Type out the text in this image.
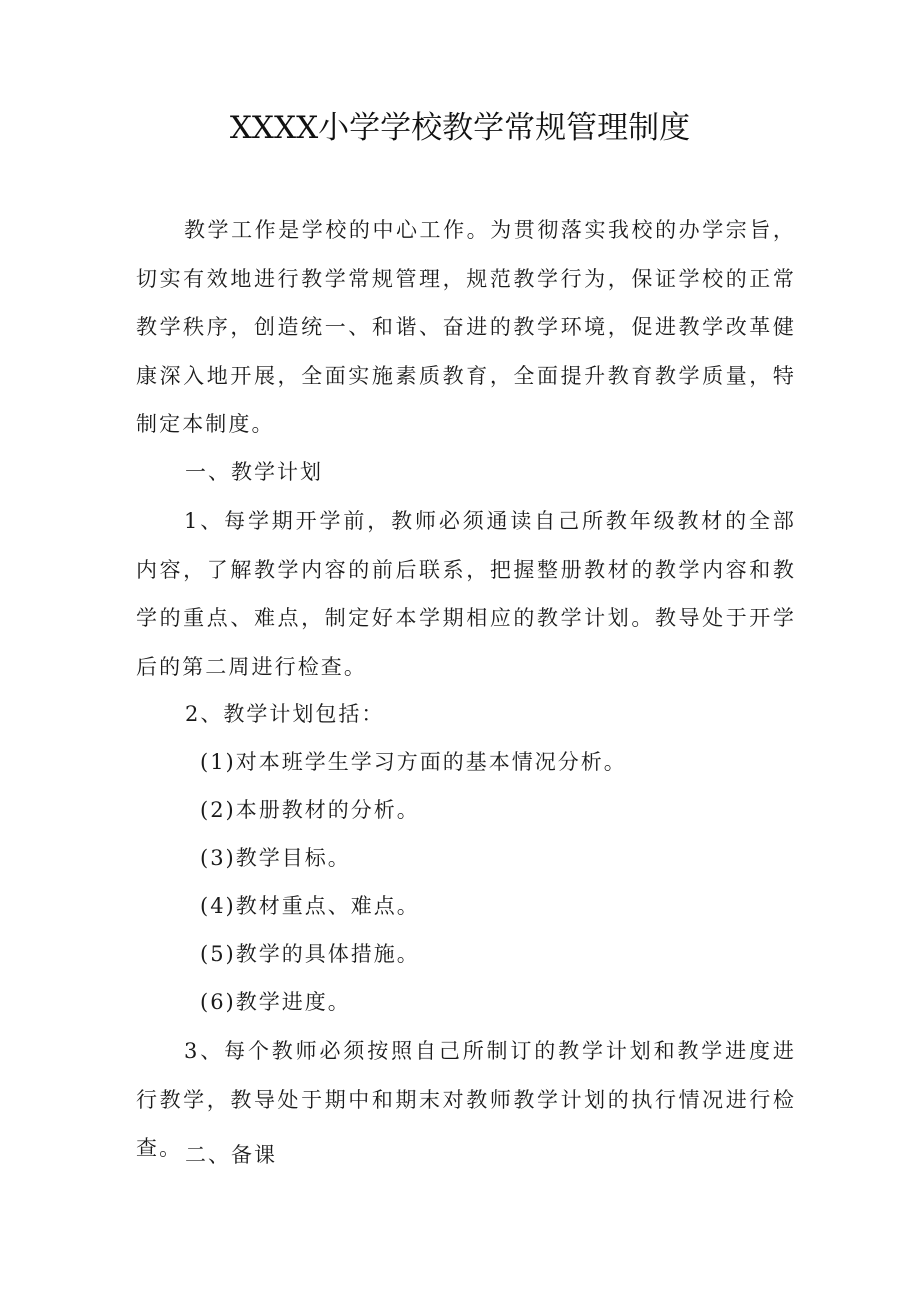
XXXX小学学校教学常规管理制度
教学工作是学校的中心工作。为贯彻落实我校的办学宗旨，切实有效地进行教学常规管理，规范教学行为，保证学校的正常教学秩序，创造统一、和谐、奋进的教学环境，促进教学改革健康深入地开展，全面实施素质教育，全面提升教育教学质量，特制定本制度。
一、教学计划
1、每学期开学前，教师必须通读自己所教年级教材的全部内容，了解教学内容的前后联系，把握整册教材的教学内容和教学的重点、难点，制定好本学期相应的教学计划。教导处于开学后的第二周进行检查。
2、教学计划包括：
(1)对本班学生学习方面的基本情况分析。
(2)本册教材的分析。
(3)教学目标。
(4)教材重点、难点。
(5)教学的具体措施。
(6)教学进度。
3、每个教师必须按照自己所制订的教学计划和教学进度进行教学，教导处于期中和期末对教师教学计划的执行情况进行检查。 二、备课
